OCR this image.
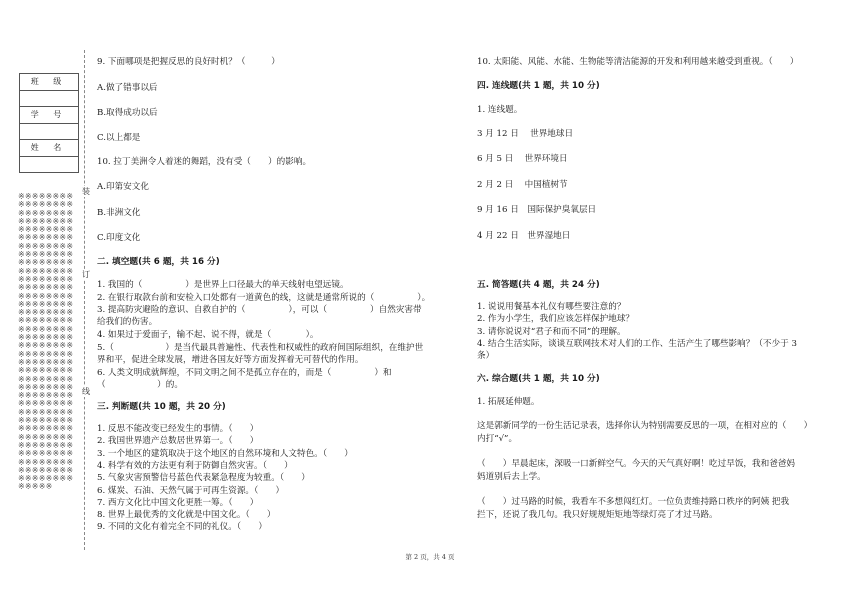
班 级

学 号

姓 名

※※※※※※※※※※※※※※※※※※※※※※※※※※※※※※※※※※※※※※※※※※※※※※※※※※※※※※※※※※※※※※※※※※※※※※※※※※※※※※※※※※※※※※※※※※※※※※※※※※※※※※※※※※※※※※※※※※※※※※※※※※※※※※※※※※※※※※※※※※※※※※※※※※※※※※※※※※※※※※※※※※※※※※※※※※※※※※※※※※※※※※※※※※※※※※※※※※※※※※※※※※※※※※※※※※※※※※※※※※※※※※※※※※※※※※※※※※※※※※※※※※※※※※※※※※※※※※※※※※※※※※※※※※※※※※※※※※※※※※※※※※※※※
装
订
线
9. 下面哪项是把握反思的良好时机？（　　　）
A.做了错事以后
B.取得成功以后
C.以上都是
10. 拉丁美洲令人着迷的舞蹈，没有受（　　）的影响。
A.印第安文化
B.非洲文化
C.印度文化
二. 填空题(共 6 题，共 16 分)
1. 我国的（　　　　　）是世界上口径最大的单天线射电望远镜。
2. 在银行取款台前和安检入口处都有一道黄色的线，这就是通常所说的（　　　　　）。
3. 提高防灾避险的意识、自救自护的（　　　　　），可以（　　　　　）自然灾害带
给我们的伤害。
4. 如果过于爱面子，输不起、说不得，就是（　　　　）。
5.（　　　　　　）是当代最具普遍性、代表性和权威性的政府间国际组织，在维护世
界和平，促进全球发展，增进各国友好等方面发挥着无可替代的作用。
6. 人类文明成就辉煌，不同文明之间不是孤立存在的，而是（　　　　　）和
（　　　　　　）的。
三. 判断题(共 10 题，共 20 分)
1. 反思不能改变已经发生的事情。（　　）
2. 我国世界遗产总数居世界第一。（　　）
3. 一个地区的建筑取决于这个地区的自然环境和人文特色。（　　）
4. 科学有效的方法更有利于防御自然灾害。（　　）
5. 气象灾害预警信号蓝色代表紧急程度为较重。（　　）
6. 煤炭、石油、天然气属于可再生资源。（　　）
7. 西方文化比中国文化更胜一筹。（　　）
8. 世界上最优秀的文化就是中国文化。（　　）
9. 不同的文化有着完全不同的礼仪。（　　）
10. 太阳能、风能、水能、生物能等清洁能源的开发和利用越来越受到重视。（　　）
四. 连线题(共 1 题，共 10 分)
1. 连线题。
3 月 12 日　 世界地球日
6 月 5 日　 世界环境日
2 月 2 日　 中国植树节
9 月 16 日　国际保护臭氧层日
4 月 22 日　世界湿地日
五. 简答题(共 4 题，共 24 分)
1. 说说用餐基本礼仪有哪些要注意的？
2. 作为小学生，我们应该怎样保护地球？
3. 请你说说对“君子和而不同”的理解。
4. 结合生活实际，谈谈互联网技术对人们的工作、生活产生了哪些影响？（不少于 3
条）
六. 综合题(共 1 题，共 10 分)
1. 拓展延伸题。
这是郭新同学的一份生活记录表，选择你认为特别需要反思的一项，在相对应的（　　）
内打“√”。
（　　）早晨起床，深吸一口新鲜空气。今天的天气真好啊！吃过早饭，我和爸爸妈
妈道别后去上学。
（　　）过马路的时候，我看车不多想闯红灯。一位负责维持路口秩序的阿姨 把我
拦下，还说了我几句。我只好规规矩矩地等绿灯亮了才过马路。
第 2 页，共 4 页
